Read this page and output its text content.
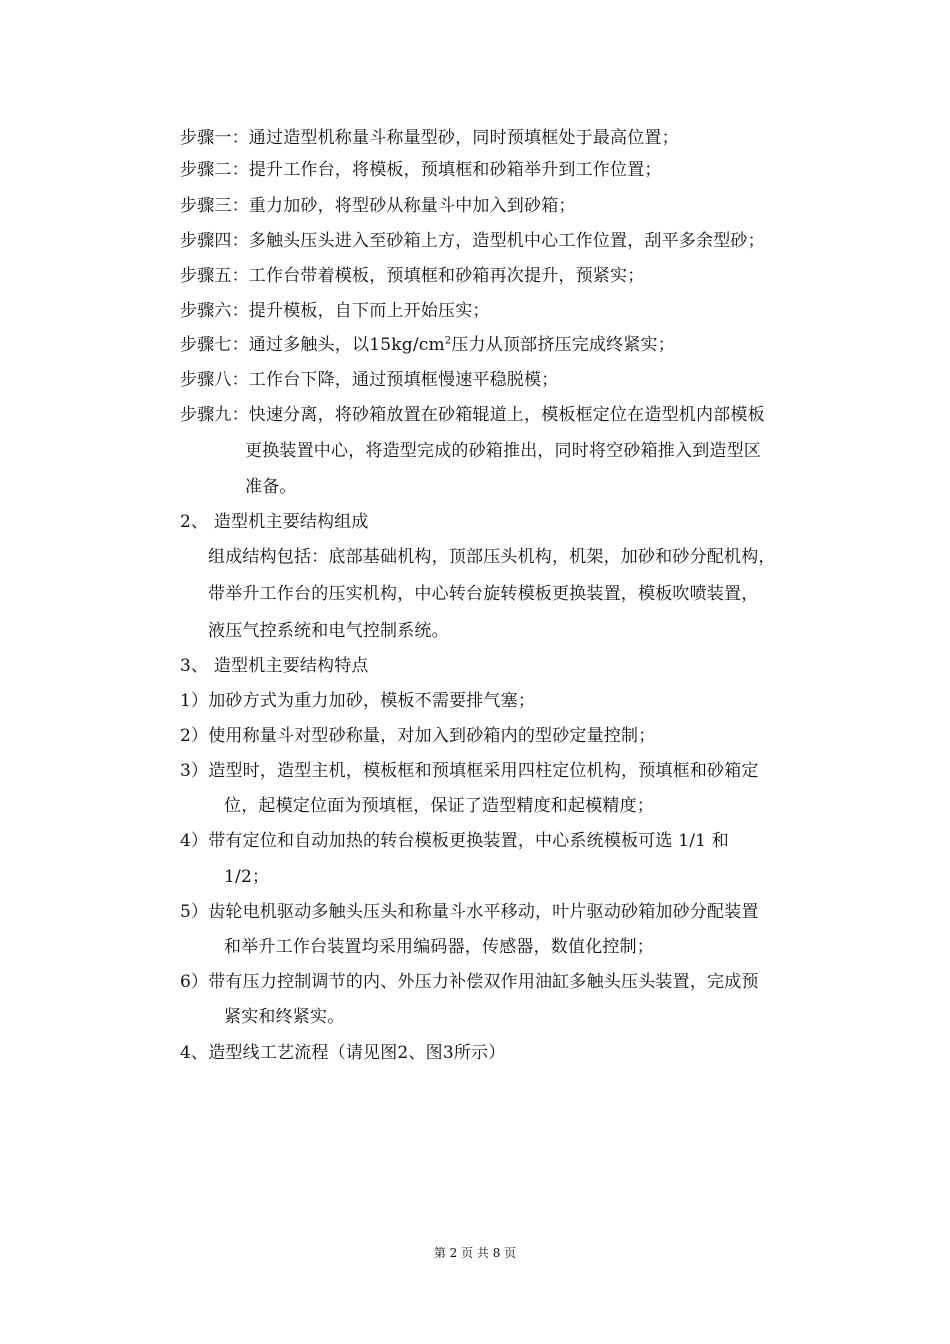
步骤一：通过造型机称量斗称量型砂，同时预填框处于最高位置；
步骤二：提升工作台，将模板，预填框和砂箱举升到工作位置；
步骤三：重力加砂，将型砂从称量斗中加入到砂箱；
步骤四：多触头压头进入至砂箱上方，造型机中心工作位置，刮平多余型砂；
步骤五：工作台带着模板，预填框和砂箱再次提升，预紧实；
步骤六：提升模板，自下而上开始压实；
步骤七：通过多触头，以$15kg/cm^2$压力从顶部挤压完成终紧实；
步骤八：工作台下降，通过预填框慢速平稳脱模；
步骤九：快速分离，将砂箱放置在砂箱辊道上，模板框定位在造型机内部模板
更换装置中心，将造型完成的砂箱推出，同时将空砂箱推入到造型区
准备。
2、 造型机主要结构组成
组成结构包括：底部基础机构，顶部压头机构，机架，加砂和砂分配机构，
带举升工作台的压实机构，中心转台旋转模板更换装置，模板吹喷装置，
液压气控系统和电气控制系统。
3、 造型机主要结构特点
1）加砂方式为重力加砂，模板不需要排气塞；
2）使用称量斗对型砂称量，对加入到砂箱内的型砂定量控制；
3）造型时，造型主机，模板框和预填框采用四柱定位机构，预填框和砂箱定
位，起模定位面为预填框，保证了造型精度和起模精度；
4）带有定位和自动加热的转台模板更换装置，中心系统模板可选 1/1 和
1/2；
5）齿轮电机驱动多触头压头和称量斗水平移动，叶片驱动砂箱加砂分配装置
和举升工作台装置均采用编码器，传感器，数值化控制；
6）带有压力控制调节的内、外压力补偿双作用油缸多触头压头装置，完成预
紧实和终紧实。
4、造型线工艺流程（请见图2、图3所示）
第 2 页 共 8 页
